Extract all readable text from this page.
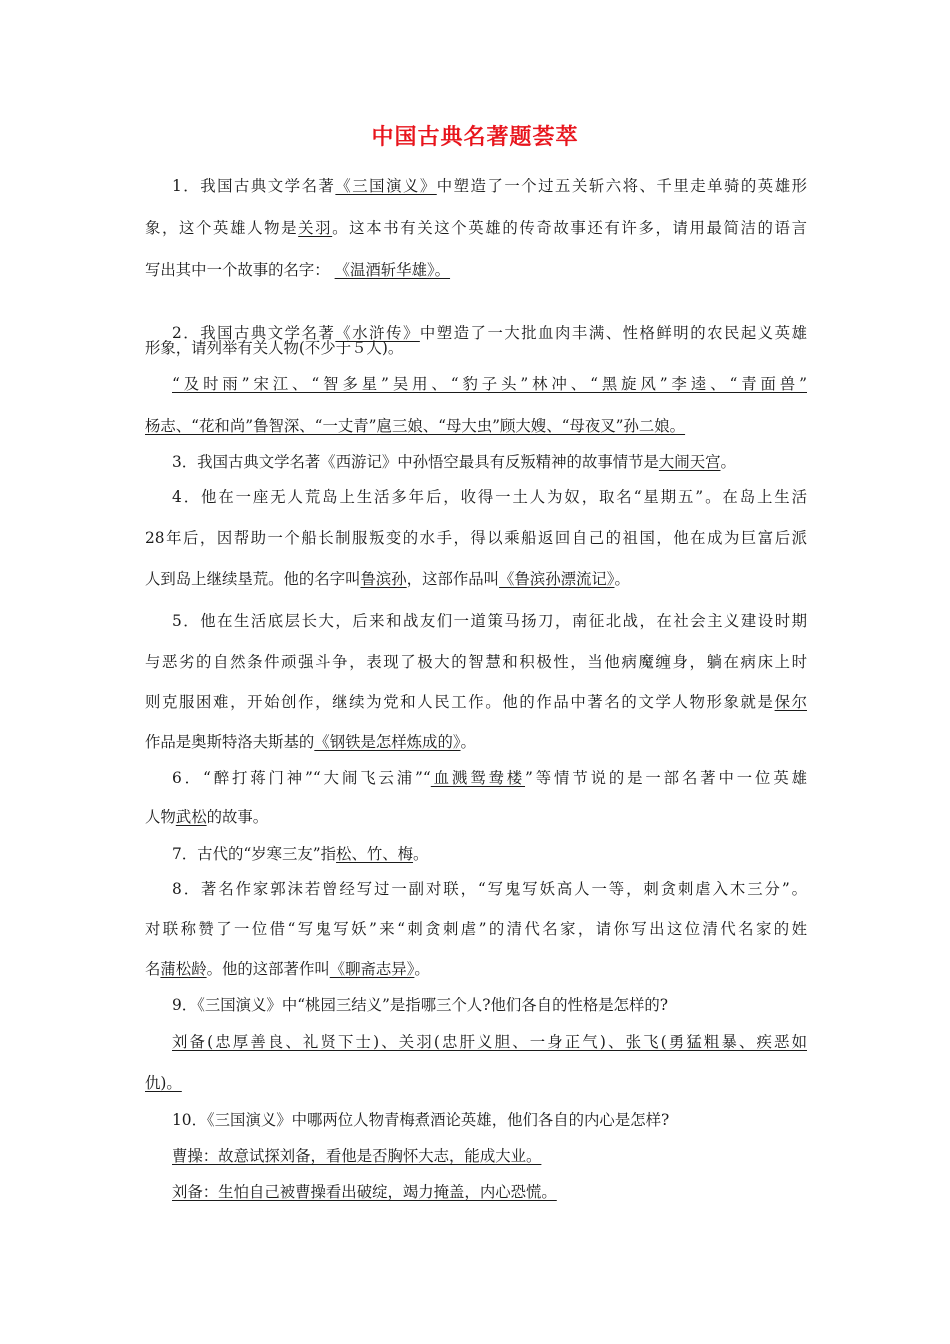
中国古典名著题荟萃
1．我国古典文学名著《三国演义》中塑造了一个过五关斩六将、千里走单骑的英雄形
象，这个英雄人物是关羽。这本书有关这个英雄的传奇故事还有许多，请用最简洁的语言
写出其中一个故事的名字： 《温酒斩华雄》。
2．我国古典文学名著《水浒传》中塑造了一大批血肉丰满、性格鲜明的农民起义英雄
形象，请列举有关人物(不少于５人)。
“及时雨”宋江、“智多星”吴用、“豹子头”林冲、“黑旋风”李逵、“青面兽”
杨志、“花和尚”鲁智深、“一丈青”扈三娘、“母大虫”顾大嫂、“母夜叉”孙二娘。
3．我国古典文学名著《西游记》中孙悟空最具有反叛精神的故事情节是大闹天宫。
4．他在一座无人荒岛上生活多年后，收得一土人为奴，取名“星期五”。在岛上生活
28年后，因帮助一个船长制服叛变的水手，得以乘船返回自己的祖国，他在成为巨富后派
人到岛上继续垦荒。他的名字叫鲁滨孙，这部作品叫《鲁滨孙漂流记》。
5．他在生活底层长大，后来和战友们一道策马扬刀，南征北战，在社会主义建设时期
与恶劣的自然条件顽强斗争，表现了极大的智慧和积极性，当他病魔缠身，躺在病床上时
则克服困难，开始创作，继续为党和人民工作。他的作品中著名的文学人物形象就是保尔
作品是奥斯特洛夫斯基的《钢铁是怎样炼成的》。
6．“醉打蒋门神”“大闹飞云浦”“血溅鸳鸯楼”等情节说的是一部名著中一位英雄
人物武松的故事。
7．古代的“岁寒三友”指松、竹、梅。
8．著名作家郭沫若曾经写过一副对联，“写鬼写妖高人一等，刺贪刺虐入木三分”。
对联称赞了一位借“写鬼写妖”来“刺贪刺虐”的清代名家，请你写出这位清代名家的姓
名蒲松龄。他的这部著作叫《聊斋志异》。
9．《三国演义》中“桃园三结义”是指哪三个人?他们各自的性格是怎样的?
刘备(忠厚善良、礼贤下士)、关羽(忠肝义胆、一身正气)、张飞(勇猛粗暴、疾恶如
仇)。
10．《三国演义》中哪两位人物青梅煮酒论英雄，他们各自的内心是怎样?
曹操：故意试探刘备，看他是否胸怀大志，能成大业。
刘备：生怕自己被曹操看出破绽，竭力掩盖，内心恐慌。
